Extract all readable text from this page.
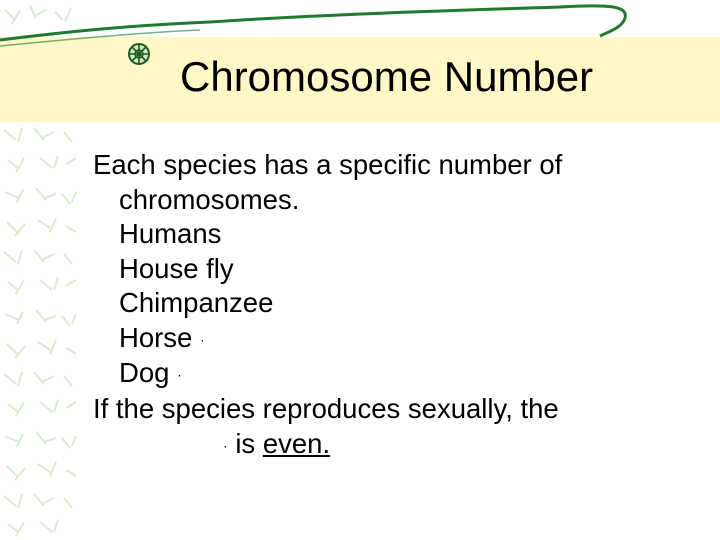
Chromosome Number
Each species has a specific number of
chromosomes.
Humans
House fly
Chimpanzee
Horse ·
Dog ·
If the species reproduces sexually, the
· is even.
